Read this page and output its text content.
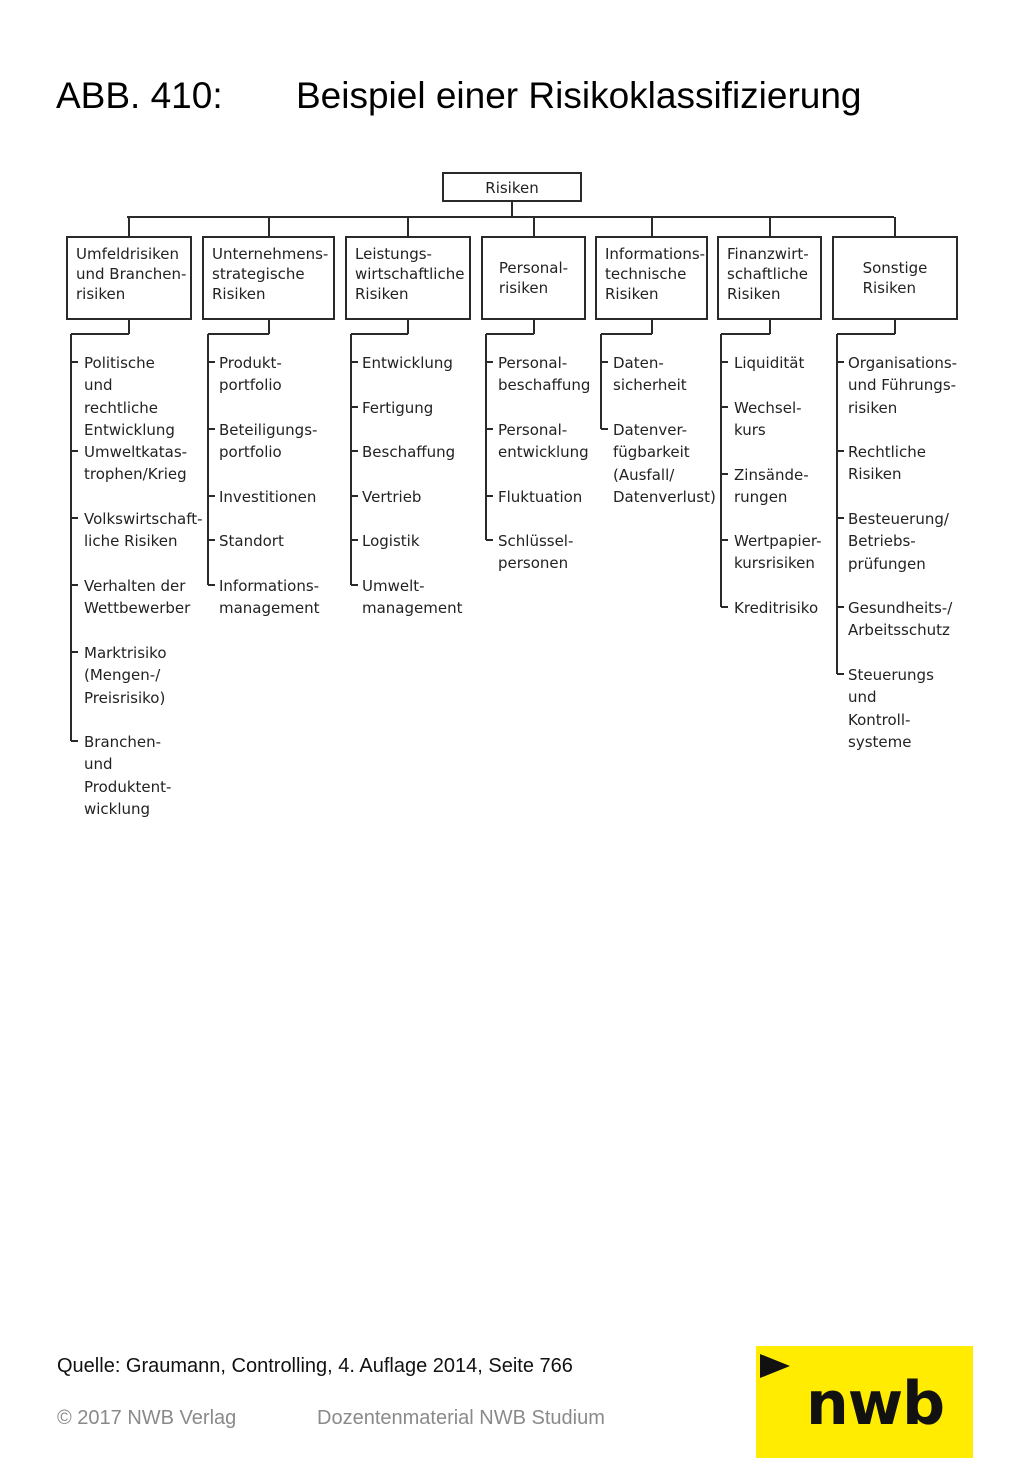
ABB. 410: Beispiel einer Risikoklassifizierung
Risiken
Umfeldrisiken
und Branchen-
risiken
Politische und
rechtliche
Entwicklung
Umweltkatas-
trophen/Krieg
Volkswirtschaft-
liche Risiken
Verhalten der
Wettbewerber
Marktrisiko
(Mengen-/
Preisrisiko)
Branchen- und
Produktent-
wicklung
Unternehmens-
strategische
Risiken
Produkt-
portfolio
Beteiligungs-
portfolio
Investitionen
Standort
Informations-
management
Leistungs-
wirtschaftliche
Risiken
Entwicklung
Fertigung
Beschaffung
Vertrieb
Logistik
Umwelt-
management
Personal-
risiken
Personal-
beschaffung
Personal-
entwicklung
Fluktuation
Schlüssel-
personen
Informations-
technische
Risiken
Daten-
sicherheit
Datenver-
fügbarkeit
(Ausfall/
Datenverlust)
Finanzwirt-
schaftliche
Risiken
Liquidität
Wechsel-
kurs
Zinsände-
rungen
Wertpapier-
kursrisiken
Kreditrisiko
Sonstige
Risiken
Organisations-
und Führungs-
risiken
Rechtliche
Risiken
Besteuerung/
Betriebs-
prüfungen
Gesundheits-/
Arbeitsschutz
Steuerungs
und Kontroll-
systeme
Quelle: Graumann, Controlling, 4. Auflage 2014, Seite 766
© 2017 NWB Verlag	Dozentenmaterial NWB Studium	nwb
